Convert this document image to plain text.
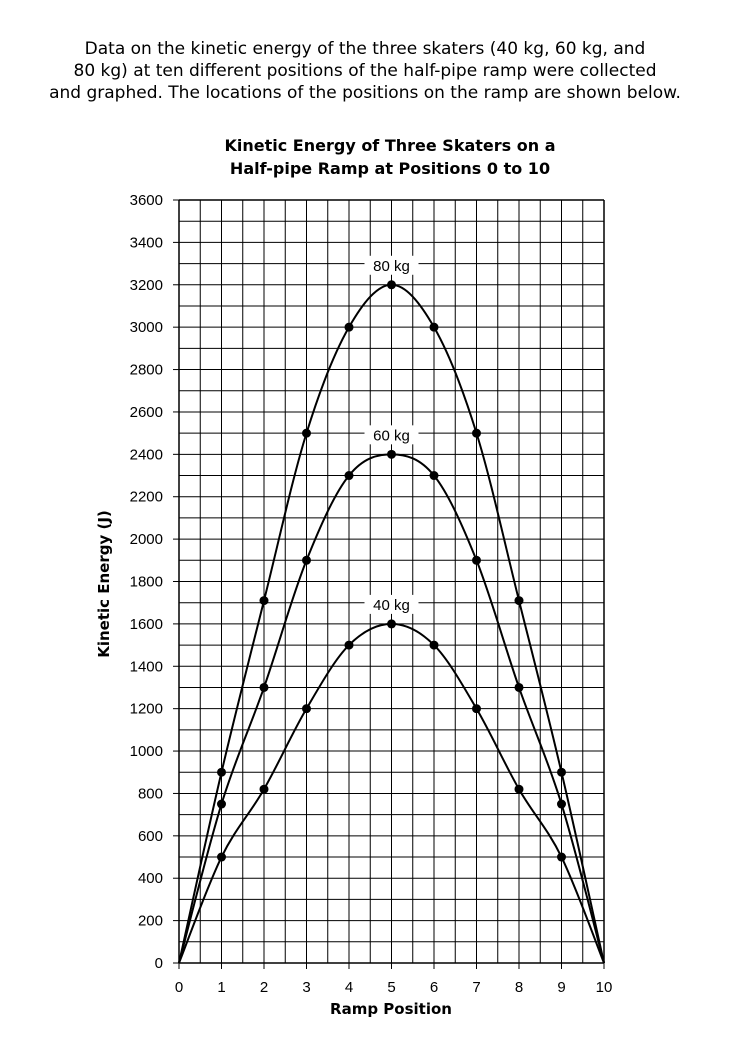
Data on the kinetic energy of the three skaters (40 kg, 60 kg, and
80 kg) at ten different positions of the half-pipe ramp were collected
and graphed. The locations of the positions on the ramp are shown below.

Kinetic Energy of Three Skaters on a
Half-pipe Ramp at Positions 0 to 10
0
200
400
600
800
1000
1200
1400
1600
1800
2000
2200
2400
2600
2800
3000
3200
3400
3600
0 1 2 3 4 5 6 7 8 9 10
80 kg
60 kg
40 kg
Ramp Position
Kinetic Energy (J)
